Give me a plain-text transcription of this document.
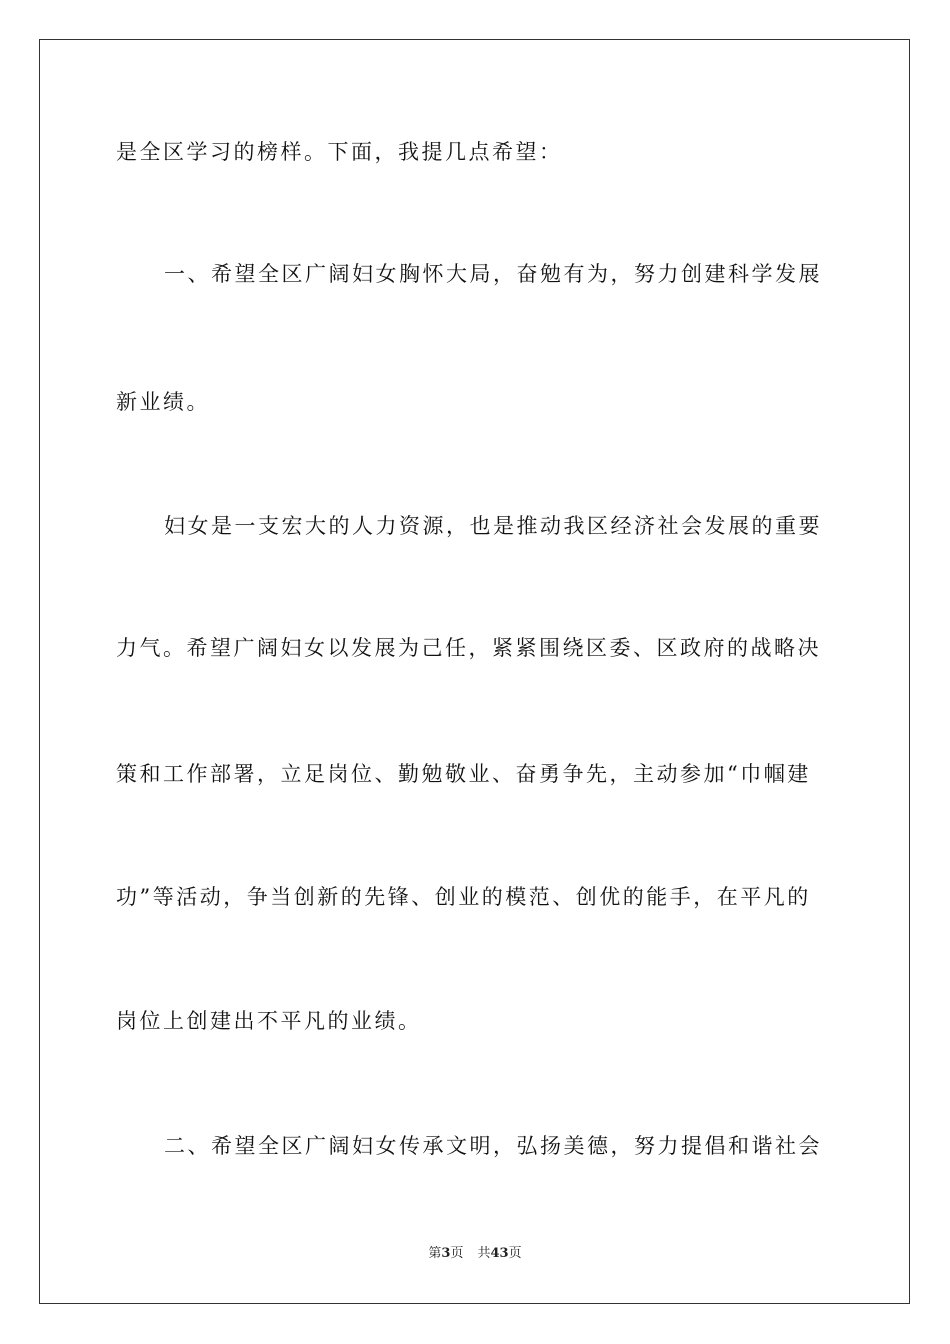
是全区学习的榜样。下面，我提几点希望：
一、希望全区广阔妇女胸怀大局，奋勉有为，努力创建科学发展
新业绩。
妇女是一支宏大的人力资源，也是推动我区经济社会发展的重要
力气。希望广阔妇女以发展为己任，紧紧围绕区委、区政府的战略决
策和工作部署，立足岗位、勤勉敬业、奋勇争先，主动参加“巾帼建
功”等活动，争当创新的先锋、创业的模范、创优的能手，在平凡的
岗位上创建出不平凡的业绩。
二、希望全区广阔妇女传承文明，弘扬美德，努力提倡和谐社会
第3页 共43页
